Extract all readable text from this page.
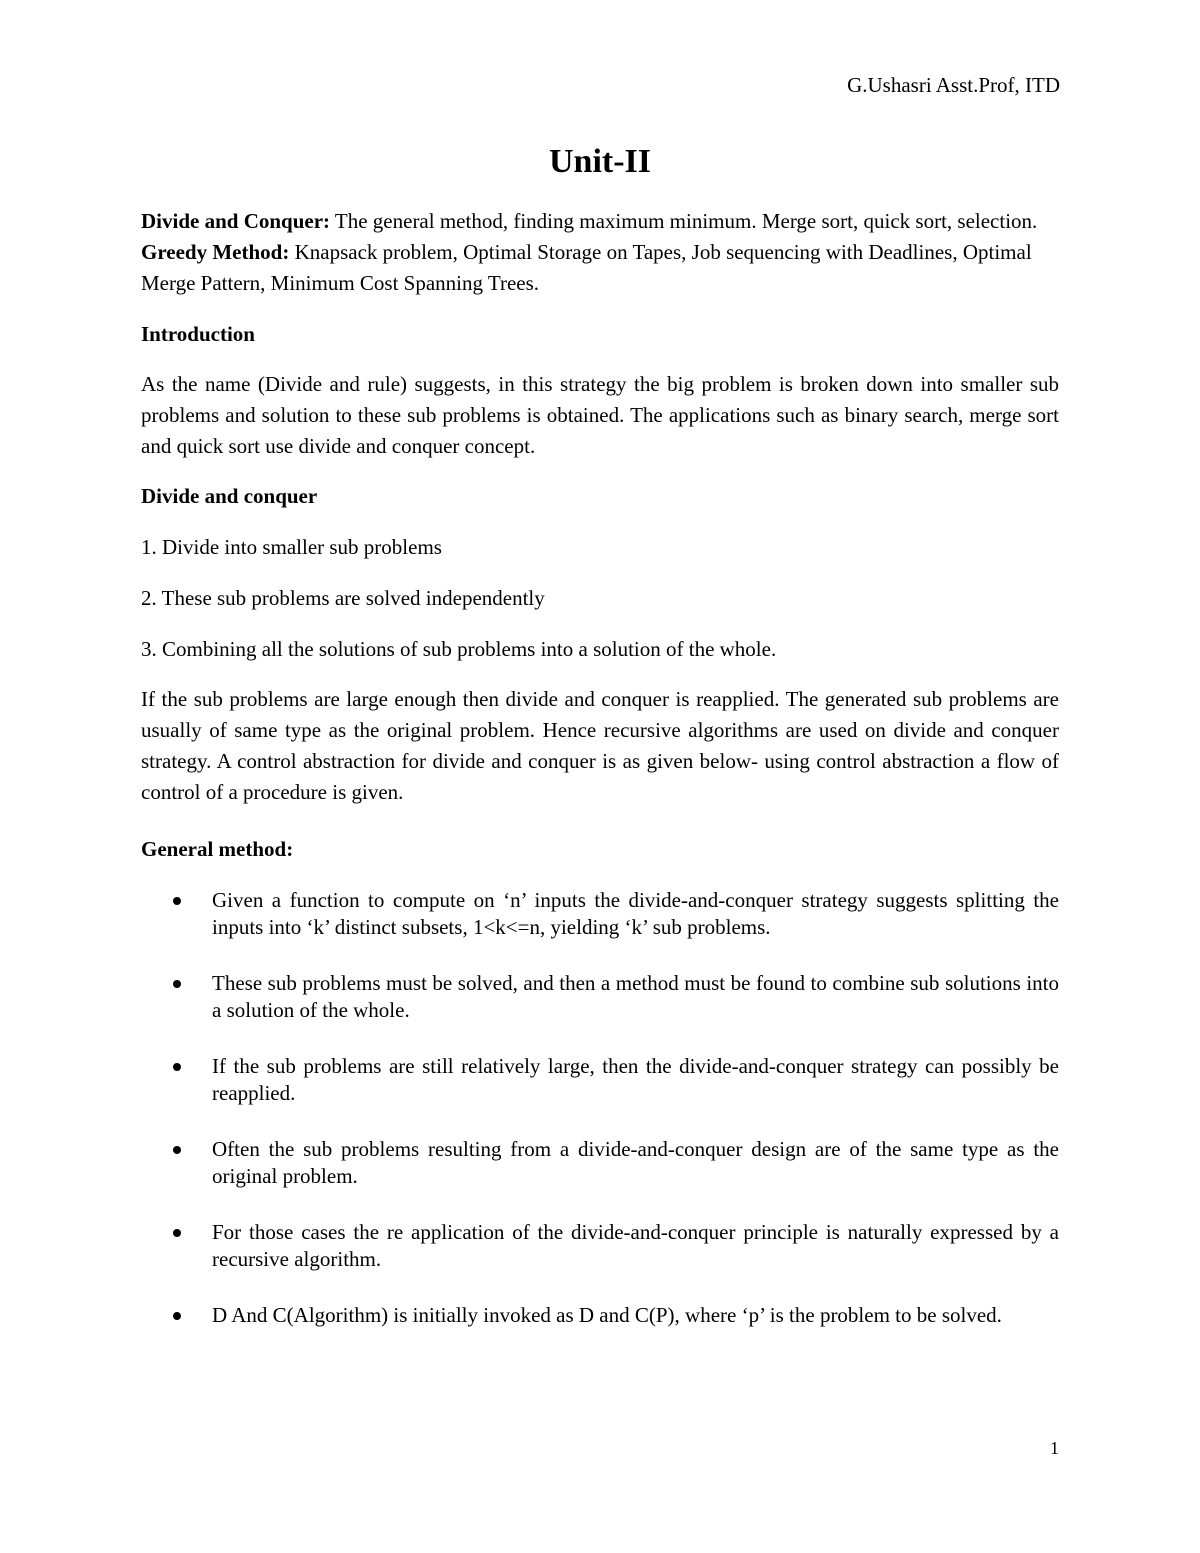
G.Ushasri Asst.Prof, ITD
Unit-II

Divide and Conquer: The general method, finding maximum minimum. Merge sort, quick sort, selection.

Greedy Method: Knapsack problem, Optimal Storage on Tapes, Job sequencing with Deadlines, Optimal Merge Pattern, Minimum Cost Spanning Trees.

Introduction

As the name (Divide and rule) suggests, in this strategy the big problem is broken down into smaller sub problems and solution to these sub problems is obtained. The applications such as binary search, merge sort and quick sort use divide and conquer concept.

Divide and conquer

1. Divide into smaller sub problems

2. These sub problems are solved independently

3. Combining all the solutions of sub problems into a solution of the whole.

If the sub problems are large enough then divide and conquer is reapplied. The generated sub problems are usually of same type as the original problem. Hence recursive algorithms are used on divide and conquer strategy. A control abstraction for divide and conquer is as given below- using control abstraction a flow of control of a procedure is given.

General method:

Given a function to compute on ‘n’ inputs the divide-and-conquer strategy suggests splitting the inputs into ‘k’ distinct subsets, 1<k<=n, yielding ‘k’ sub problems.
These sub problems must be solved, and then a method must be found to combine sub solutions into a solution of the whole.
If the sub problems are still relatively large, then the divide-and-conquer strategy can possibly be reapplied.
Often the sub problems resulting from a divide-and-conquer design are of the same type as the original problem.
For those cases the re application of the divide-and-conquer principle is naturally expressed by a recursive algorithm.
D And C(Algorithm) is initially invoked as D and C(P), where ‘p’ is the problem to be solved.
1
